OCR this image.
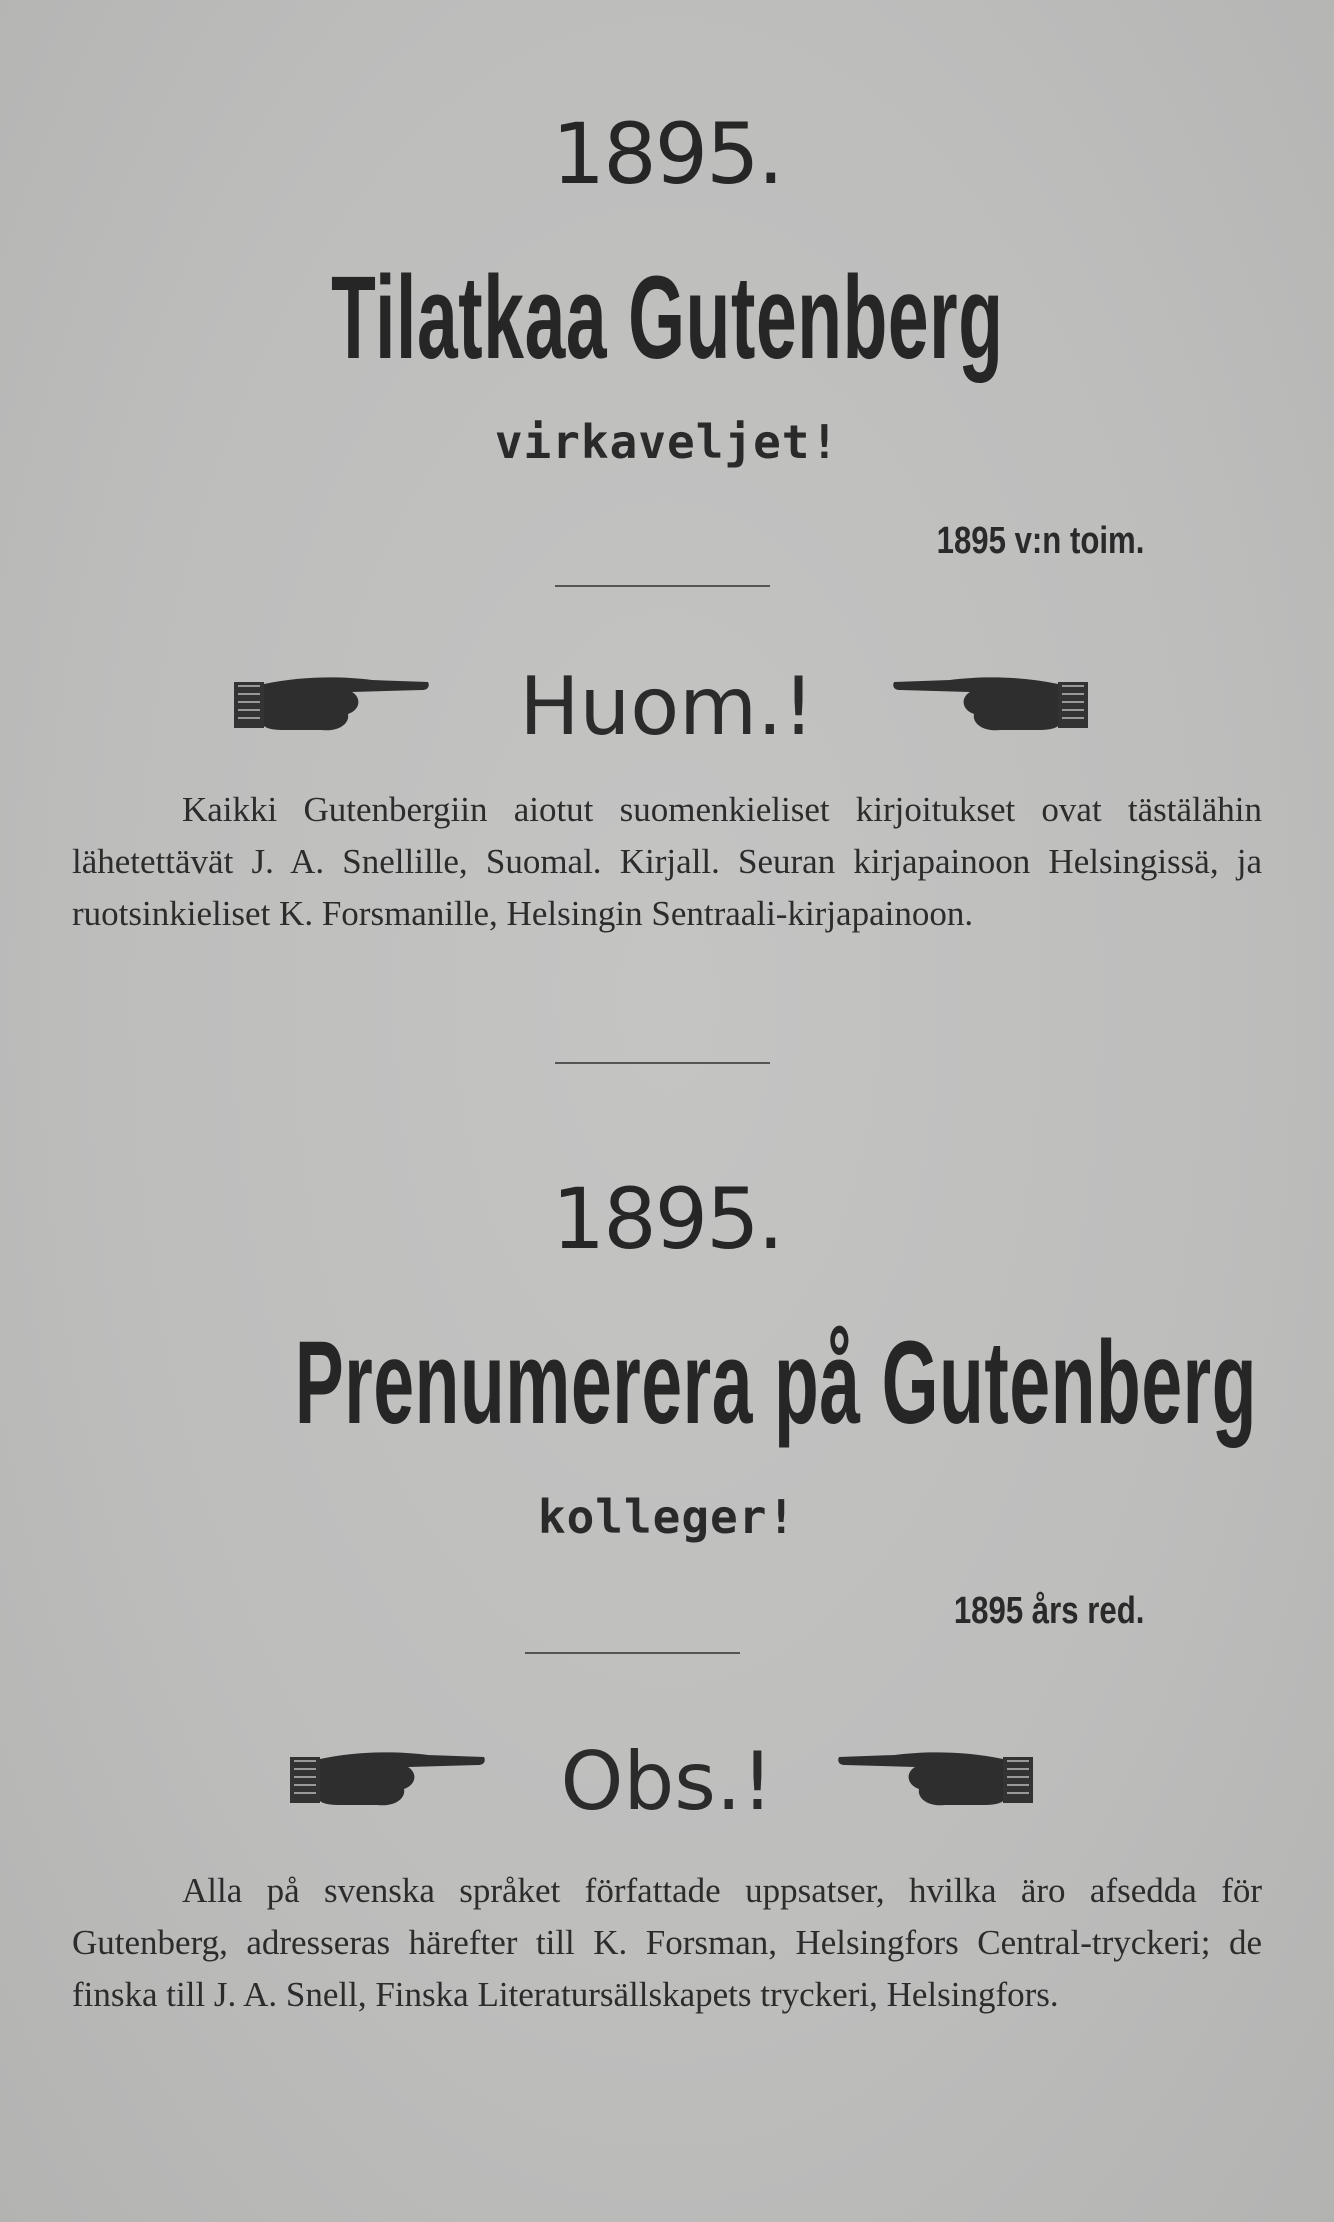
1895.
Tilatkaa Gutenberg
virkaveljet!
1895 v:n toim.
Huom.!
Kaikki Gutenbergiin aiotut suomenkieliset kirjoitukset ovat tästälähin lähetettävät J. A. Snellille, Suomal. Kirjall. Seuran kirjapainoon Helsingissä, ja ruotsinkieliset K. Forsmanille, Helsingin Sentraali-kirjapainoon.
1895.
Prenumerera på Gutenberg
kolleger!
1895 års red.
Obs.!
Alla på svenska språket författade uppsatser, hvilka äro afsedda för Gutenberg, adresseras härefter till K. Forsman, Helsingfors Central-tryckeri; de finska till J. A. Snell, Finska Literatursällskapets tryckeri, Helsingfors.
